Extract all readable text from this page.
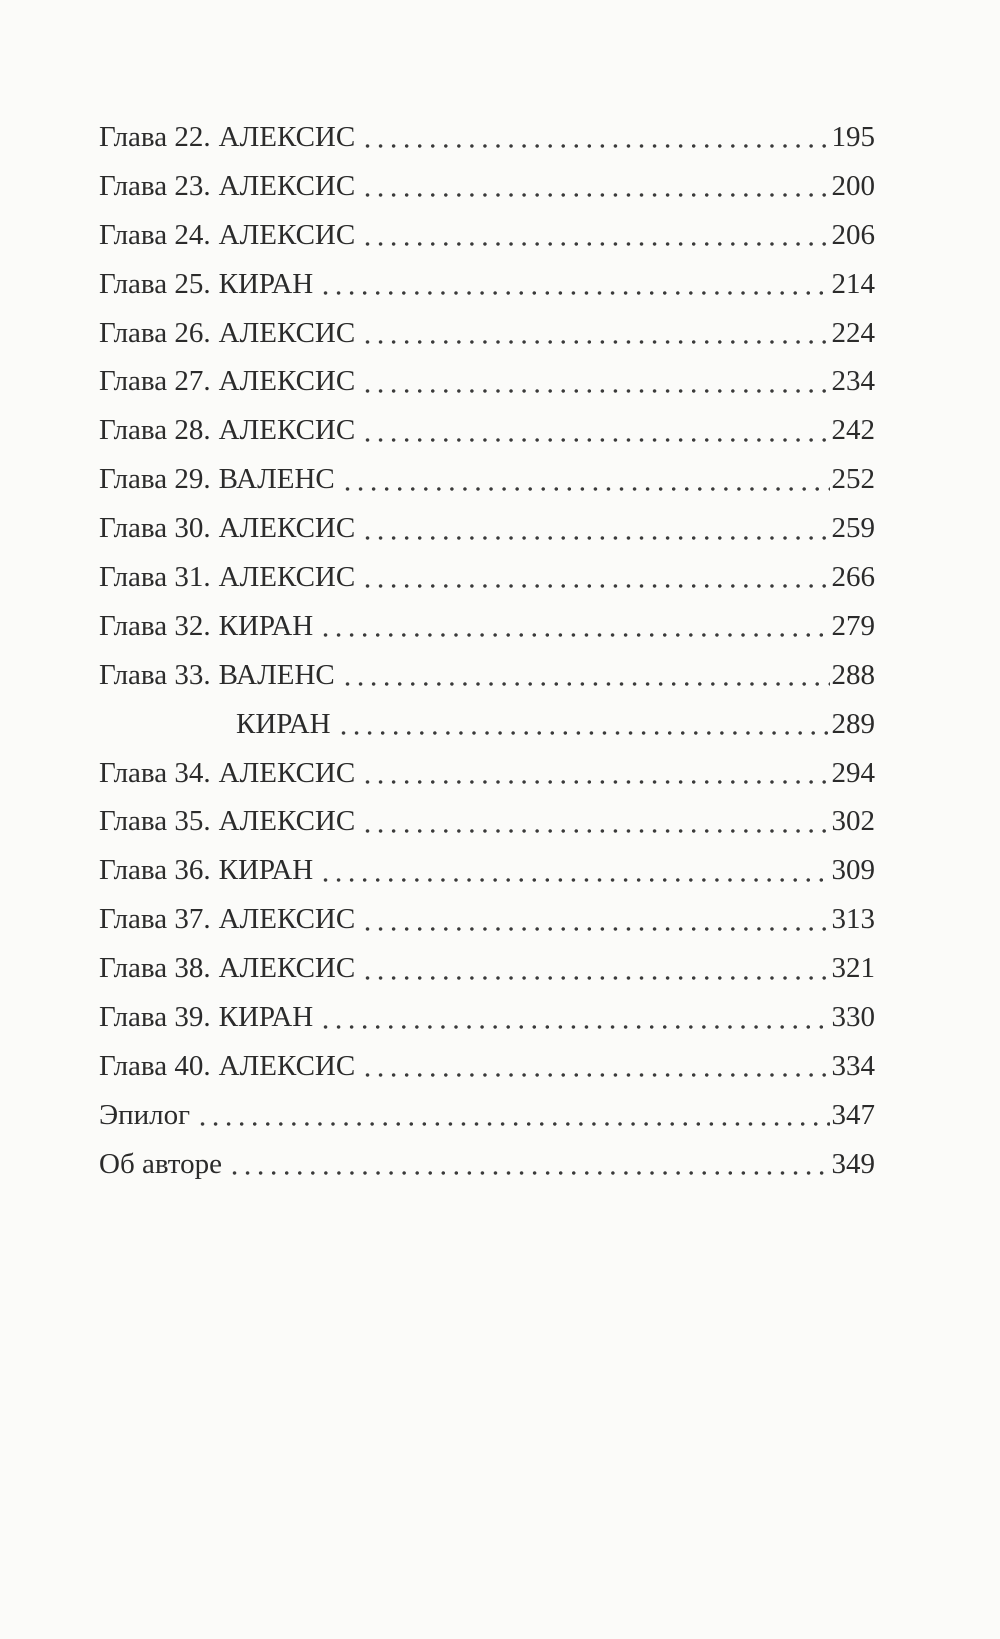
Глава 22. АЛЕКСИС	195
Глава 23. АЛЕКСИС	200
Глава 24. АЛЕКСИС	206
Глава 25. КИРАН	214
Глава 26. АЛЕКСИС	224
Глава 27. АЛЕКСИС	234
Глава 28. АЛЕКСИС	242
Глава 29. ВАЛЕНС	252
Глава 30. АЛЕКСИС	259
Глава 31. АЛЕКСИС	266
Глава 32. КИРАН	279
Глава 33. ВАЛЕНС	288
КИРАН	289
Глава 34. АЛЕКСИС	294
Глава 35. АЛЕКСИС	302
Глава 36. КИРАН	309
Глава 37. АЛЕКСИС	313
Глава 38. АЛЕКСИС	321
Глава 39. КИРАН	330
Глава 40. АЛЕКСИС	334
Эпилог	347
Об авторе	349
